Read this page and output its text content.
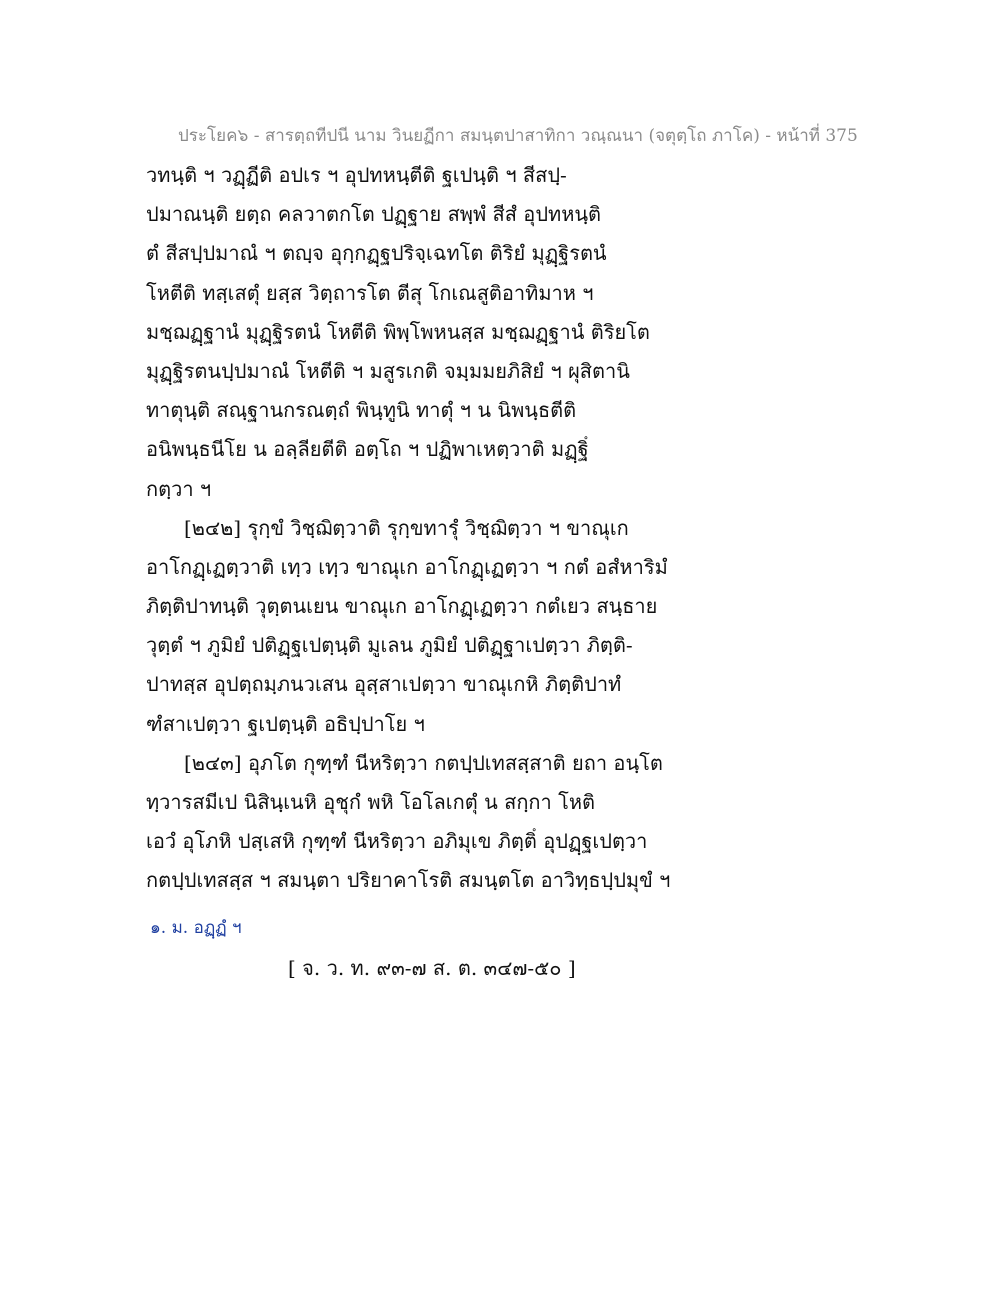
ประโยค๖ - สารตฺถทีปนี นาม วินยฏีกา สมนฺตปาสาทิกา วณฺณนา (จตุตฺโถ ภาโค) - หน้าที่ 375
วทนฺติ ฯ วฏฺฏีติ อปเร ฯ อุปทหนฺตีติ ฐเปนฺติ ฯ สีสปฺ-
ปมาณนฺติ ยตฺถ คลวาตกโต ปฏฺฐาย สพฺพํ สีสํ อุปทหนฺติ
ตํ สีสปฺปมาณํ ฯ ตญฺจ อุกฺกฏฺฐปริจฺเฉทโต ติริยํ มุฏฺฐิรตนํ
โหตีติ ทสฺเสตุํ ยสฺส วิตฺถารโต ตีสุ โกเณสูติอาทิมาห ฯ
มชฺฌฏฺฐานํ มุฏฺฐิรตนํ โหตีติ พิพฺโพหนสฺส มชฺฌฏฺฐานํ ติริยโต
มุฏฺฐิรตนปฺปมาณํ โหตีติ ฯ มสูรเกติ จมฺมมยภิสิยํ ฯ ผุสิตานิ
ทาตุนฺติ สณฺฐานกรณตฺถํ พินฺทูนิ ทาตุํ ฯ น นิพนฺธตีติ
อนิพนฺธนีโย น อลฺลียตีติ อตฺโถ ฯ ปฏิพาเหตฺวาติ มฏฺฐิํ
กตฺวา ฯ
[๒๔๒] รุกฺขํ วิชฺฌิตฺวาติ รุกฺขทารุํ วิชฺฌิตฺวา ฯ ขาณุเก
อาโกฏฺเฏตฺวาติ เทฺว เทฺว ขาณุเก อาโกฏฺเฏตฺวา ฯ กตํ อสํหาริมํ
ภิตฺติปาทนฺติ วุตฺตนเยน ขาณุเก อาโกฏฺเฏตฺวา กตํเยว สนฺธาย
วุตฺตํ ฯ ภูมิยํ ปติฏฺฐเปตฺนฺติ มูเลน ภูมิยํ ปติฏฺฐาเปตฺวา ภิตฺติ-
ปาทสฺส อุปตฺถมฺภนวเสน อุสฺสาเปตฺวา ขาณุเกหิ ภิตฺติปาทํ
ฑํสาเปตฺวา ฐเปตฺนฺติ อธิปฺปาโย ฯ
[๒๔๓] อุภโต กุฑฺฑํ นีหริตฺวา กตปฺปเทสสฺสาติ ยถา อนฺโต
ทฺวารสมีเป นิสินฺเนหิ อุชุกํ พหิ โอโลเกตุํ น สกฺกา โหติ
เอวํ อุโภหิ ปสฺเสหิ กุฑฺฑํ นีหริตฺวา อภิมุเข ภิตฺติํ อุปฏฺฐเปตฺวา
กตปฺปเทสสฺส ฯ สมนฺตา ปริยาคาโรติ สมนฺตโต อาวิทฺธปฺปมุขํ ฯ
๑. ม. อฏฺฏํ ฯ
[ จ. ว. ท. ๙๓-๗ ส. ต. ๓๔๗-๕๐ ]
